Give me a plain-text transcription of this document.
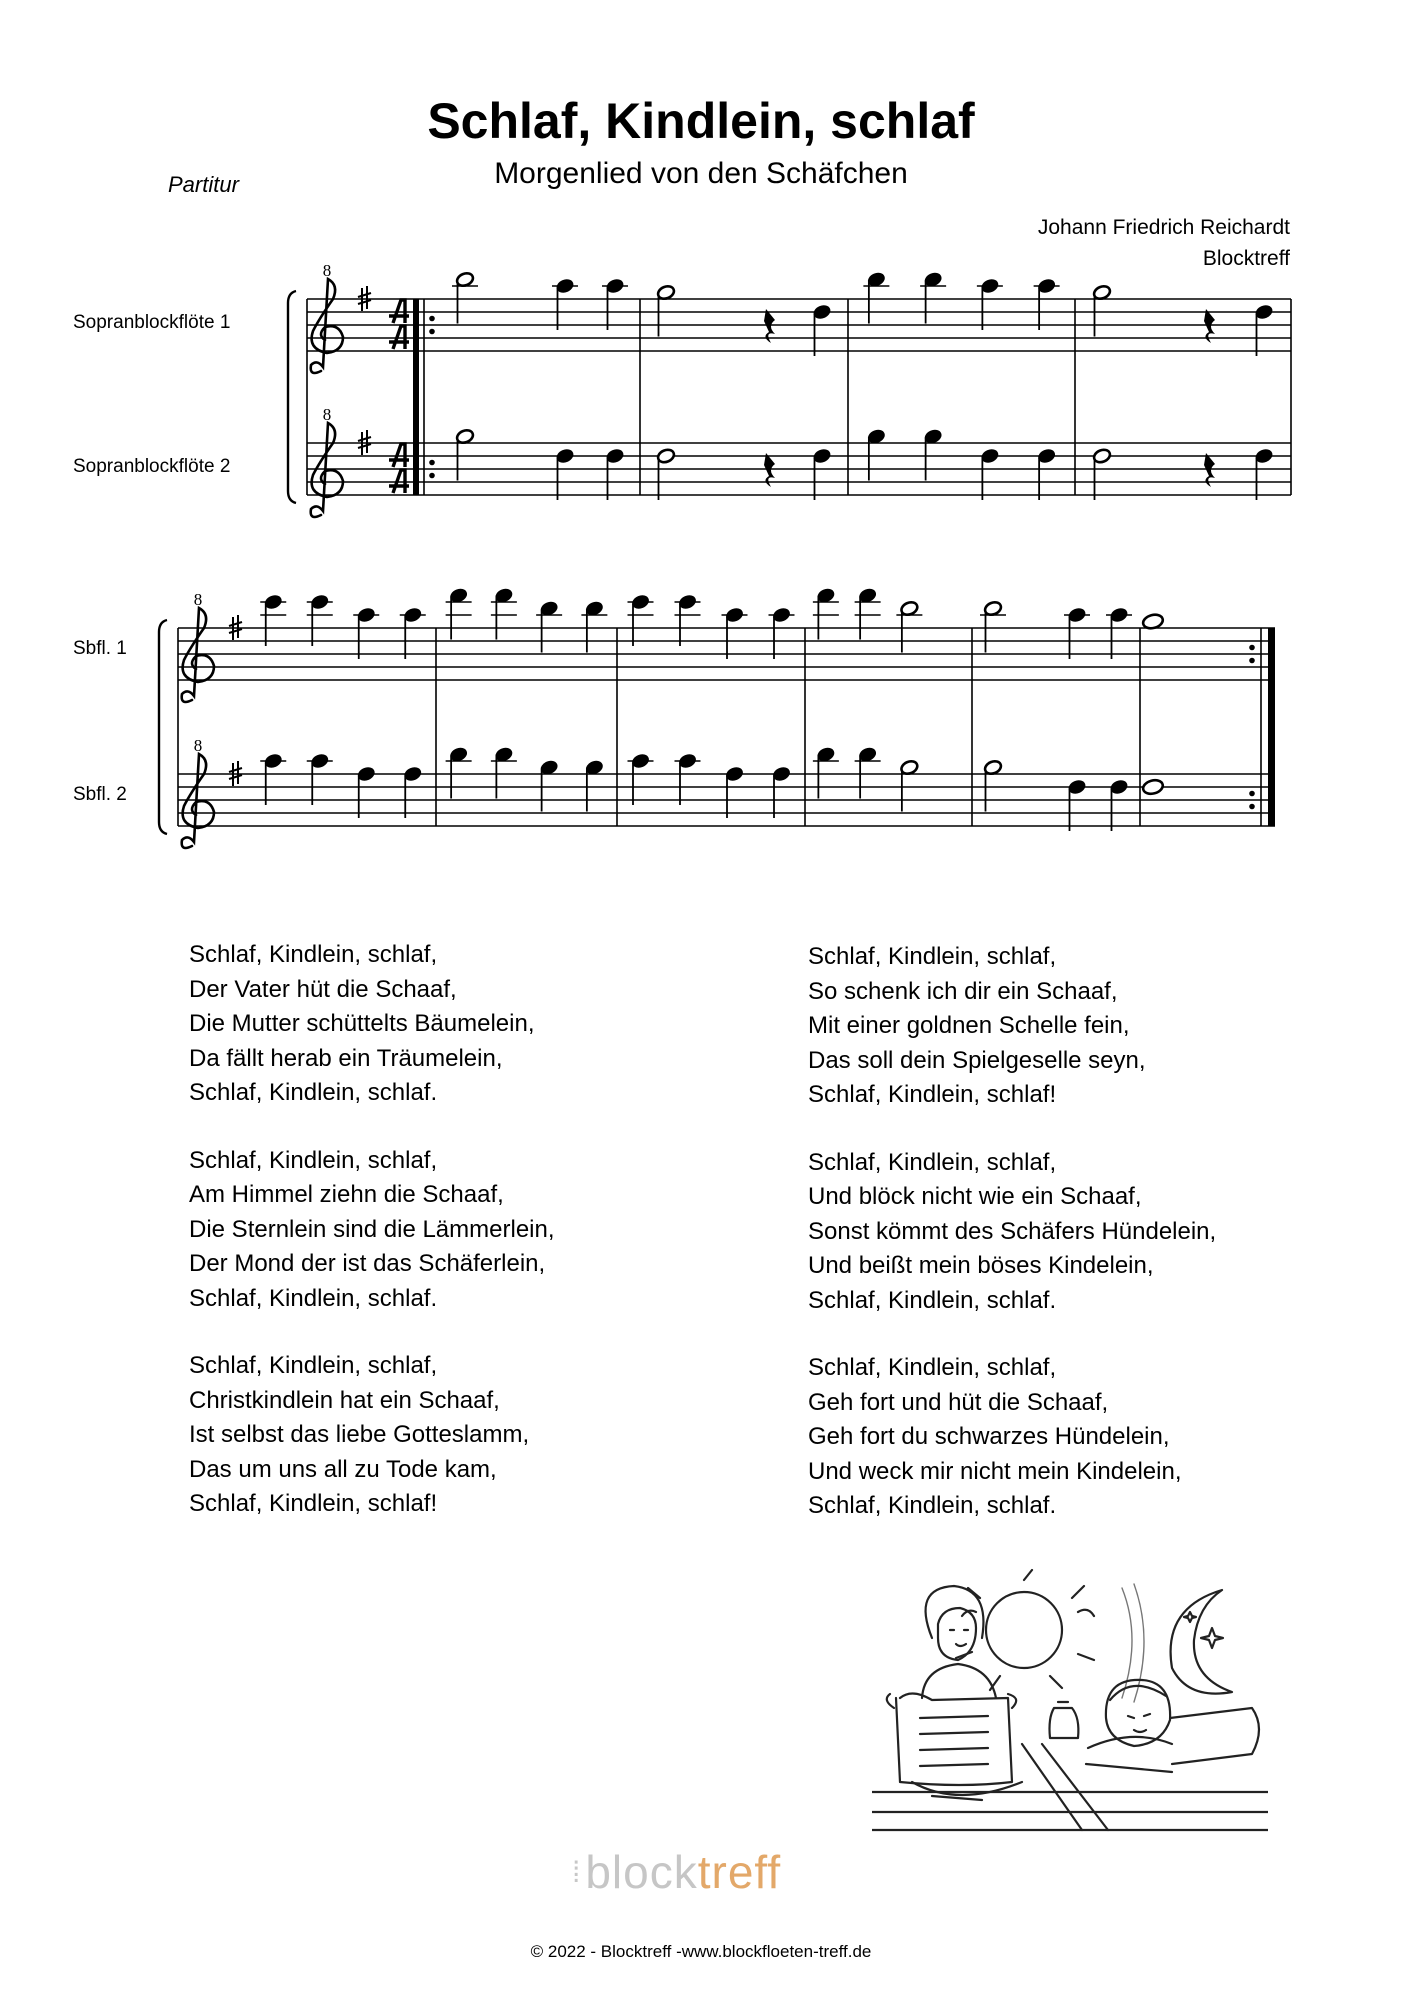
Schlaf, Kindlein, schlaf
Morgenlied von den Schäfchen
Partitur
Johann Friedrich Reichardt
Blocktreff
Sopranblockflöte 1
Sopranblockflöte 2
Sbfl. 1
Sbfl. 2
8
8
8
8
Schlaf, Kindlein, schlaf,
Der Vater hüt die Schaaf,
Die Mutter schüttelts Bäumelein,
Da fällt herab ein Träumelein,
Schlaf, Kindlein, schlaf.
Schlaf, Kindlein, schlaf,
Am Himmel ziehn die Schaaf,
Die Sternlein sind die Lämmerlein,
Der Mond der ist das Schäferlein,
Schlaf, Kindlein, schlaf.
Schlaf, Kindlein, schlaf,
Christkindlein hat ein Schaaf,
Ist selbst das liebe Gotteslamm,
Das um uns all zu Tode kam,
Schlaf, Kindlein, schlaf!
Schlaf, Kindlein, schlaf,
So schenk ich dir ein Schaaf,
Mit einer goldnen Schelle fein,
Das soll dein Spielgeselle seyn,
Schlaf, Kindlein, schlaf!
Schlaf, Kindlein, schlaf,
Und blöck nicht wie ein Schaaf,
Sonst kömmt des Schäfers Hündelein,
Und beißt mein böses Kindelein,
Schlaf, Kindlein, schlaf.
Schlaf, Kindlein, schlaf,
Geh fort und hüt die Schaaf,
Geh fort du schwarzes Hündelein,
Und weck mir nicht mein Kindelein,
Schlaf, Kindlein, schlaf.
⁞blocktreff
© 2022 - Blocktreff -www.blockfloeten-treff.de
